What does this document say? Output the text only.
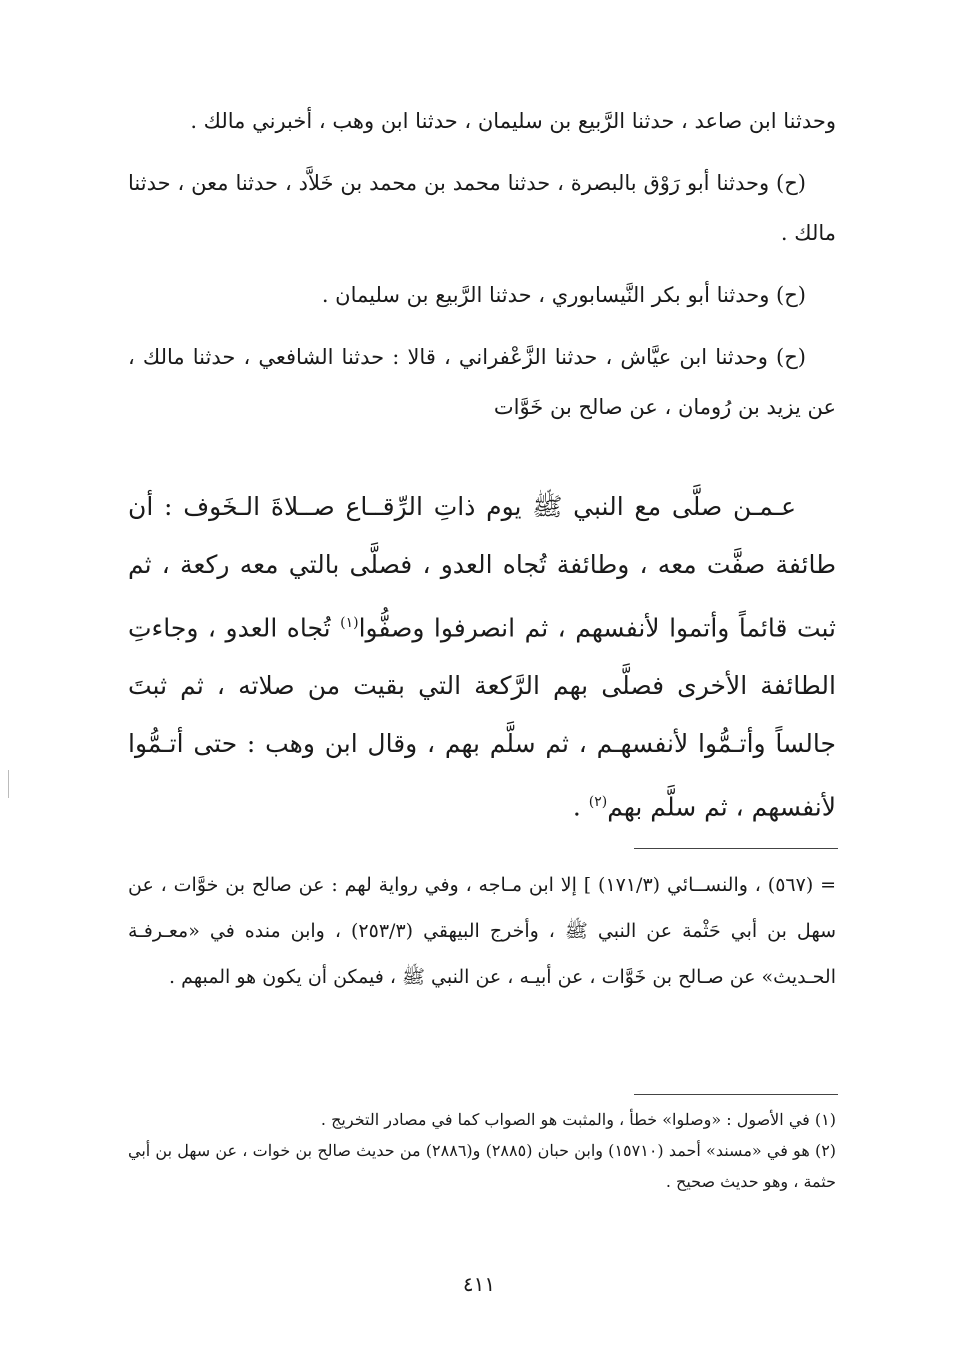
وحدثنا ابن صاعد ، حدثنا الرَّبيع بن سليمان ، حدثنا ابن وهب ، أخبرني مالك .

(ح) وحدثنا أبو رَوْق بالبصرة ، حدثنا محمد بن محمد بن خَلاَّد ، حدثنا معن ، حدثنا مالك .

(ح) وحدثنا أبو بكر النَّيسابوري ، حدثنا الرَّبيع بن سليمان .

(ح) وحدثنا ابن عيَّاش ، حدثنا الزَّعْفراني ، قالا : حدثنا الشافعي ، حدثنا مالك ، عن يزيد بن رُومان ، عن صالح بن خَوَّات

عـمـن صلَّى مع النبي ﷺ يوم ذاتِ الرِّقــاع صــلاةَ الـخَوف : أن طائفة صفَّت معه ، وطائفة تُجاه العدو ، فصلَّى بالتي معه ركعة ، ثم ثبت قائماً وأتموا لأنفسهم ، ثم انصرفوا وصفُّوا$^{(١)}$ تُجاه العدو ، وجاءتِ الطائفة الأخرى فصلَّى بهم الرَّكعة التي بقيت من صلاته ، ثم ثبتَ جالساً وأتـمُّوا لأنفسهـم ، ثم سلَّم بهم ، وقال ابن وهب : حتى أتـمُّوا لأنفسهم ، ثم سلَّم بهم$^{(٢)}$ .

= (٥٦٧) ، والنســائي (١٧١/٣) ] إلا ابن مـاجه ، وفي رواية لهم : عن صالح بن خوَّات ، عن سهل بن أبي حَثْمة عن النبي ﷺ ، وأخرج البيهقي (٢٥٣/٣) ، وابن منده في «معـرفـة الحـديث» عن صـالح بن خَوَّات ، عن أبيـه ، عن النبي ﷺ ، فيمكن أن يكون هو المبهم .

(١) في الأصول : «وصلوا» خطأ ، والمثبت هو الصواب كما في مصادر التخريج .

(٢) هو في «مسند» أحمد (١٥٧١٠) وابن حبان (٢٨٨٥) و(٢٨٨٦) من حديث صالح بن خوات ، عن سهل بن أبي حثمة ، وهو حديث صحيح .

٤١١
